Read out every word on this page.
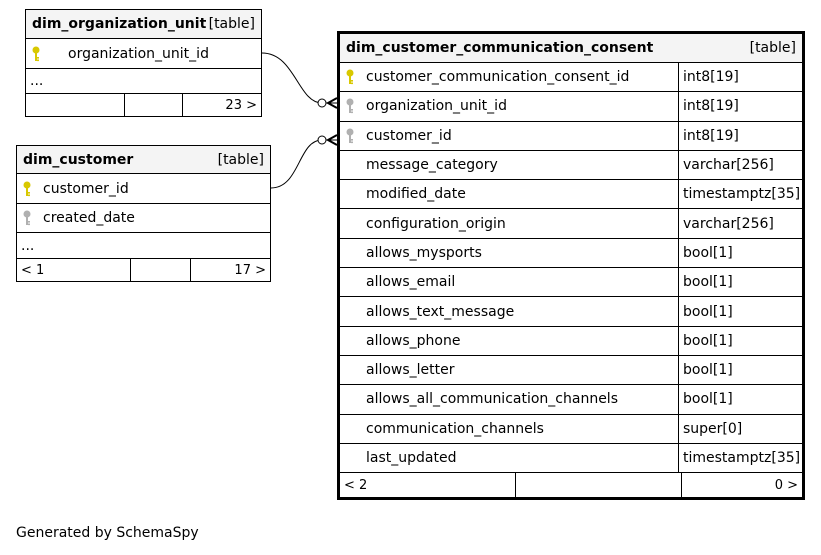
dim_organization_unit [table]
organization_unit_id
...
23 >
dim_customer	[table]
customer_id
created_date
...
< 1	17 >
dim_customer_communication_consent	[table]
customer_communication_consent_id	int8[19]
organization_unit_id	int8[19]
customer_id	int8[19]
message_category	varchar[256]
modified_date	timestamptz[35]
configuration_origin	varchar[256]
allows_mysports	bool[1]
allows_email	bool[1]
allows_text_message	bool[1]
allows_phone	bool[1]
allows_letter	bool[1]
allows_all_communication_channels	bool[1]
communication_channels	super[0]
last_updated	timestamptz[35]
< 2	0 >
Generated by SchemaSpy
